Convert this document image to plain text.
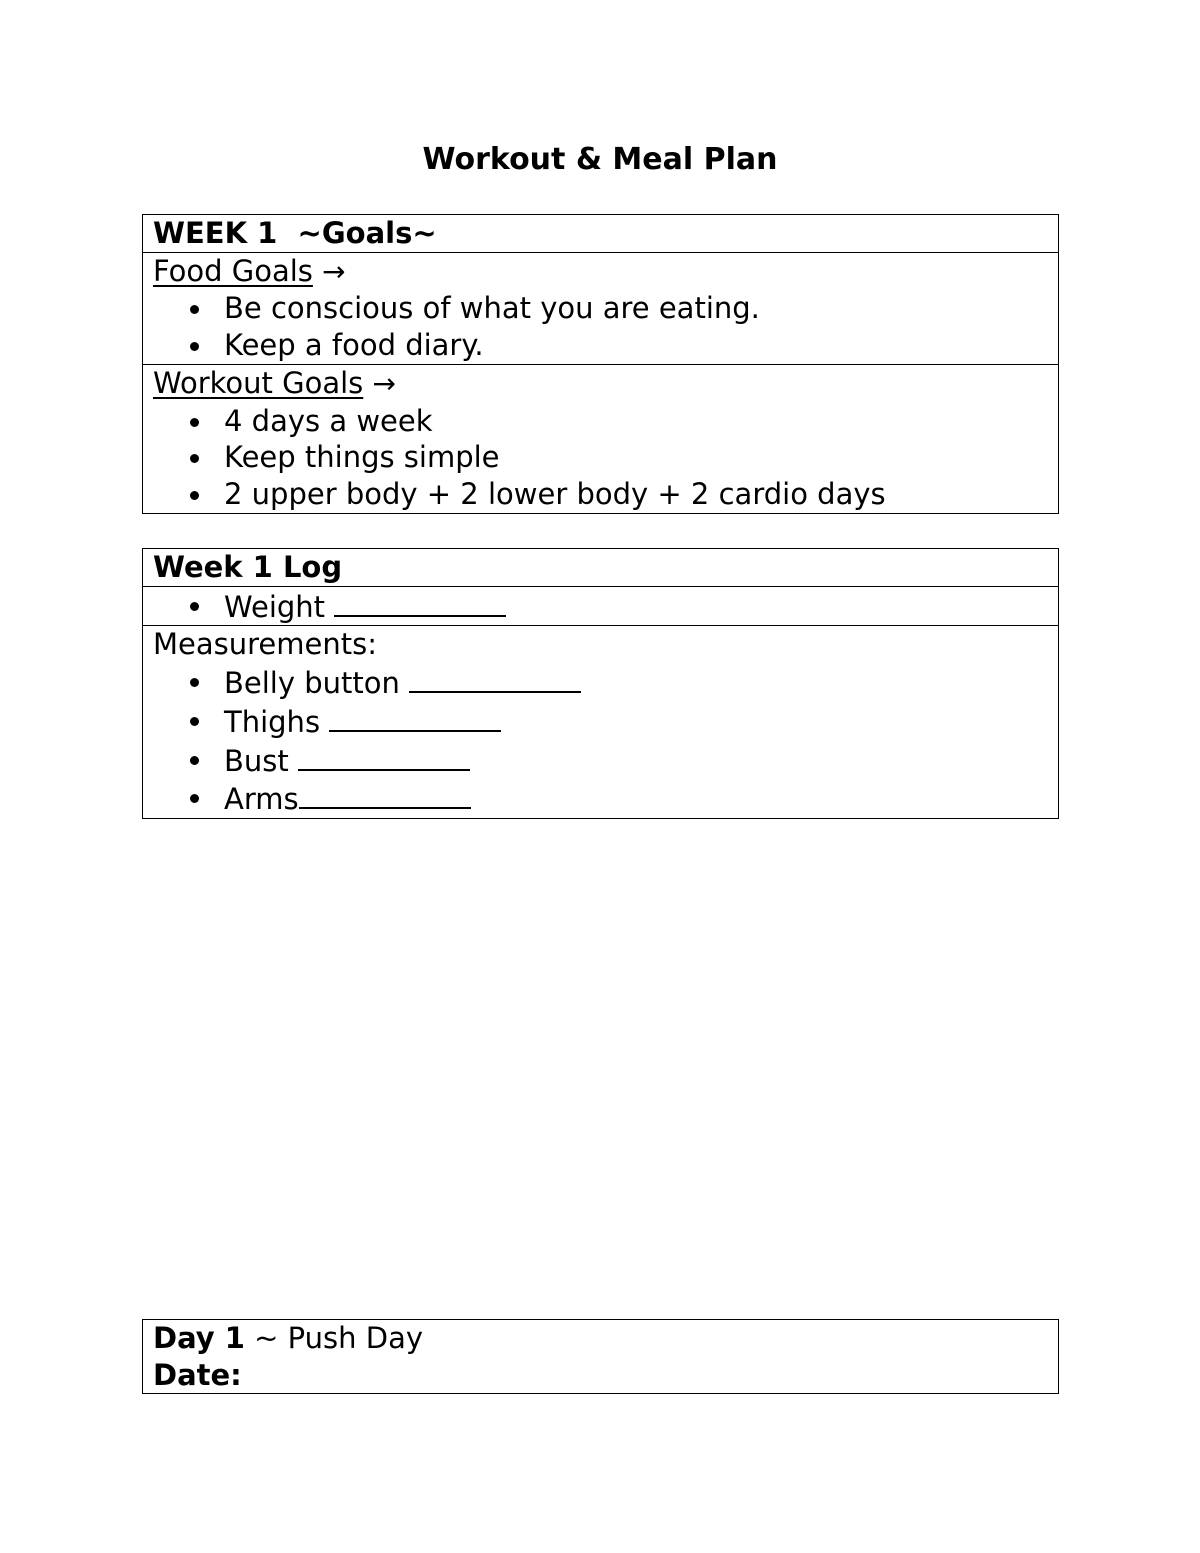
Workout & Meal Plan
WEEK 1  ~Goals~
Food Goals →
Be conscious of what you are eating.
Keep a food diary.
Workout Goals →
4 days a week
Keep things simple
2 upper body + 2 lower body + 2 cardio days
Week 1 Log
Weight
Measurements:
Belly button
Thighs
Bust
Arms
Day 1 ~ Push Day
Date:
